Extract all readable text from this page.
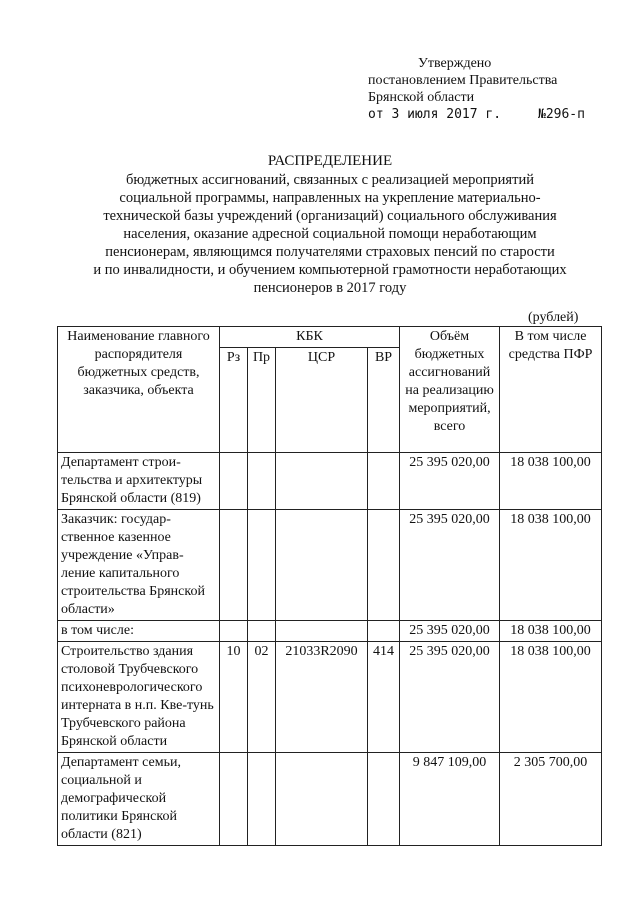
Утверждено
постановлением Правительства
Брянской области
от 3 июля 2017 г.	№296-п
РАСПРЕДЕЛЕНИЕ
бюджетных ассигнований, связанных с реализацией мероприятий
социальной программы, направленных на укрепление материально-
технической базы учреждений (организаций) социального обслуживания
населения, оказание адресной социальной помощи неработающим
пенсионерам, являющимся получателями страховых пенсий по старости
и по инвалидности, и обучением компьютерной грамотности неработающих
пенсионеров в 2017 году
(рублей)
Наименование главного распорядителя бюджетных средств, заказчика, объекта	КБК				Объём бюджетных ассигнований на реализацию мероприятий, всего	В том числе средства ПФР
	Рз	Пр	ЦСР	ВР		
Департамент строи-тельства и архитектуры Брянской области (819)					25 395 020,00	18 038 100,00
Заказчик: государ-ственное казенное учреждение «Управ-ление капитального строительства Брянской области»					25 395 020,00	18 038 100,00
в том числе:					25 395 020,00	18 038 100,00
Строительство здания столовой Трубчевского психоневрологического интерната в н.п. Кве-тунь Трубчевского района Брянской области	10	02	21033R2090	414	25 395 020,00	18 038 100,00
Департамент семьи, социальной и демографической политики Брянской области (821)					9 847 109,00	2 305 700,00
